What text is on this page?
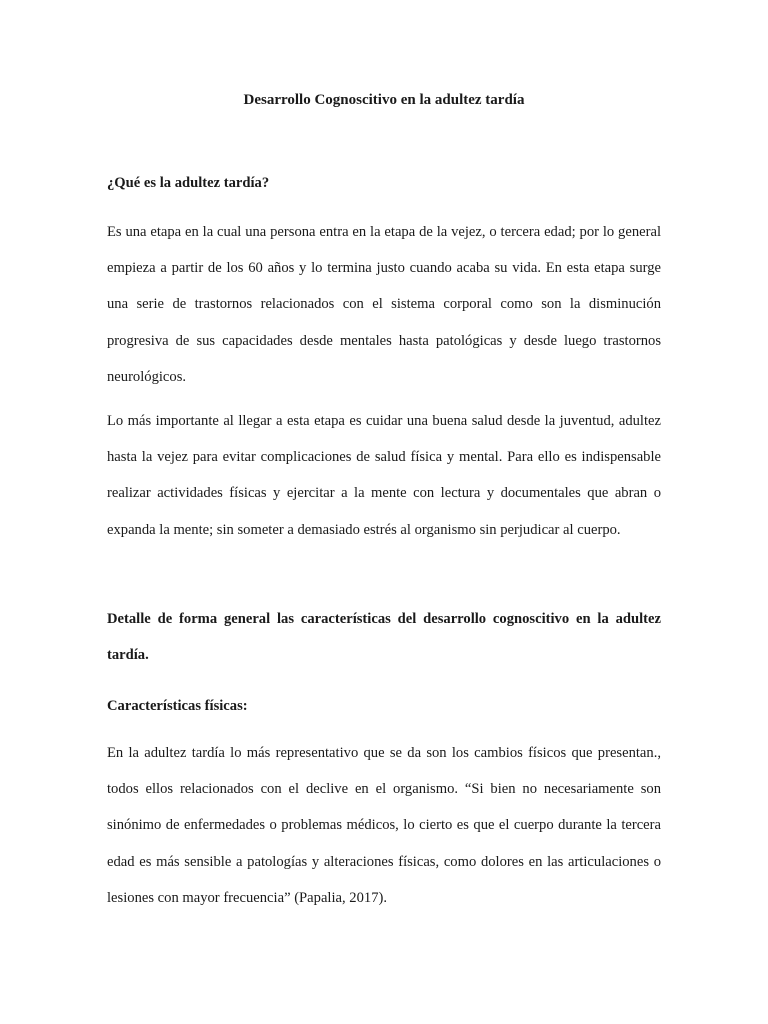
Desarrollo Cognoscitivo en la adultez tardía

¿Qué es la adultez tardía?

Es una etapa en la cual una persona entra en la etapa de la vejez, o tercera edad; por lo general empieza a partir de los 60 años y lo termina justo cuando acaba su vida. En esta etapa surge una serie de trastornos relacionados con el sistema corporal como son la disminución progresiva de sus capacidades desde mentales hasta patológicas y desde luego trastornos neurológicos.

Lo más importante al llegar a esta etapa es cuidar una buena salud desde la juventud, adultez hasta la vejez para evitar complicaciones de salud física y mental. Para ello es indispensable realizar actividades físicas y ejercitar a la mente con lectura y documentales que abran o expanda la mente; sin someter a demasiado estrés al organismo sin perjudicar al cuerpo.

Detalle de forma general las características del desarrollo cognoscitivo en la adultez tardía.

Características físicas:

En la adultez tardía lo más representativo que se da son los cambios físicos que presentan., todos ellos relacionados con el declive en el organismo. “Si bien no necesariamente son sinónimo de enfermedades o problemas médicos, lo cierto es que el cuerpo durante la tercera edad es más sensible a patologías y alteraciones físicas, como dolores en las articulaciones o lesiones con mayor frecuencia” (Papalia, 2017).
